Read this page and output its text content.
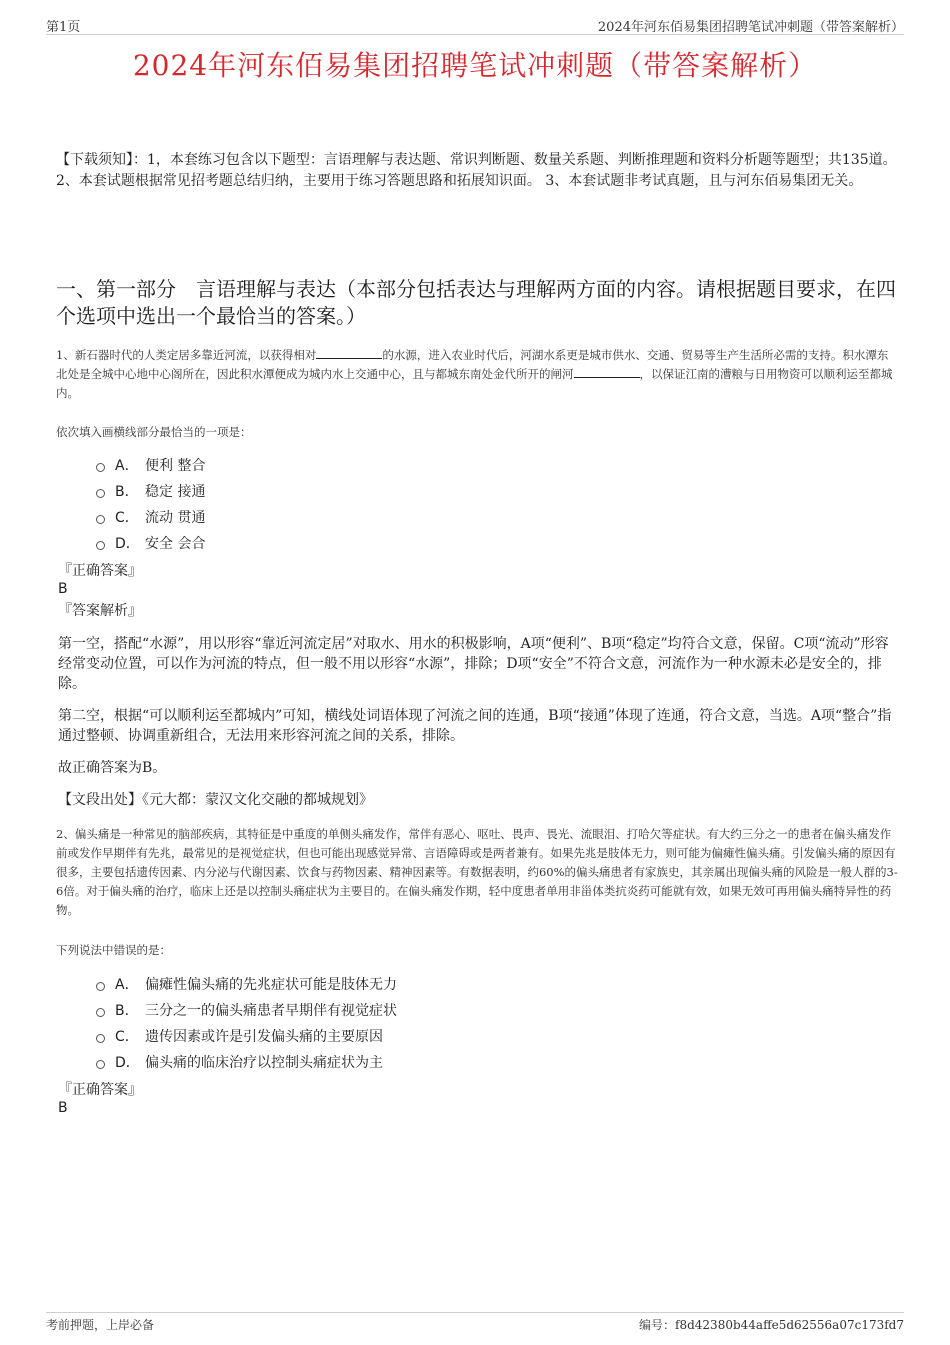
第1页	2024年河东佰易集团招聘笔试冲刺题（带答案解析）
2024年河东佰易集团招聘笔试冲刺题（带答案解析）
【下载须知】：1，本套练习包含以下题型：言语理解与表达题、常识判断题、数量关系题、判断推理题和资料分析题等题型；共135道。 2、本套试题根据常见招考题总结归纳，主要用于练习答题思路和拓展知识面。 3、本套试题非考试真题，且与河东佰易集团无关。
一、第一部分　言语理解与表达（本部分包括表达与理解两方面的内容。请根据题目要求，在四个选项中选出一个最恰当的答案。）
1、新石器时代的人类定居多靠近河流，以获得相对	的水源，进入农业时代后，河湖水系更是城市供水、交通、贸易等生产生活所必需的支持。积水潭东北处是全城中心地中心阁所在，因此积水潭便成为城内水上交通中心，且与都城东南处金代所开的闸河	，以保证江南的漕粮与日用物资可以顺利运至都城内。
依次填入画横线部分最恰当的一项是：
A． 便利 整合
B． 稳定 接通
C． 流动 贯通
D． 安全 会合
『正确答案』
B
『答案解析』
第一空，搭配“水源”，用以形容“靠近河流定居”对取水、用水的积极影响，A项“便利”、B项“稳定”均符合文意，保留。C项“流动”形容经常变动位置，可以作为河流的特点，但一般不用以形容“水源”，排除；D项“安全”不符合文意，河流作为一种水源未必是安全的，排除。
第二空，根据“可以顺利运至都城内”可知，横线处词语体现了河流之间的连通，B项“接通”体现了连通，符合文意，当选。A项“整合”指通过整顿、协调重新组合，无法用来形容河流之间的关系，排除。
故正确答案为B。
【文段出处】《元大都：蒙汉文化交融的都城规划》
2、偏头痛是一种常见的脑部疾病，其特征是中重度的单侧头痛发作，常伴有恶心、呕吐、畏声、畏光、流眼泪、打哈欠等症状。有大约三分之一的患者在偏头痛发作前或发作早期伴有先兆，最常见的是视觉症状，但也可能出现感觉异常、言语障碍或是两者兼有。如果先兆是肢体无力，则可能为偏瘫性偏头痛。引发偏头痛的原因有很多，主要包括遗传因素、内分泌与代谢因素、饮食与药物因素、精神因素等。有数据表明，约60%的偏头痛患者有家族史，其亲属出现偏头痛的风险是一般人群的3-6倍。对于偏头痛的治疗，临床上还是以控制头痛症状为主要目的。在偏头痛发作期，轻中度患者单用非甾体类抗炎药可能就有效，如果无效可再用偏头痛特异性的药物。
下列说法中错误的是：
A． 偏瘫性偏头痛的先兆症状可能是肢体无力
B． 三分之一的偏头痛患者早期伴有视觉症状
C． 遗传因素或许是引发偏头痛的主要原因
D． 偏头痛的临床治疗以控制头痛症状为主
『正确答案』
B
考前押题，上岸必备	编号：f8d42380b44affe5d62556a07c173fd7
